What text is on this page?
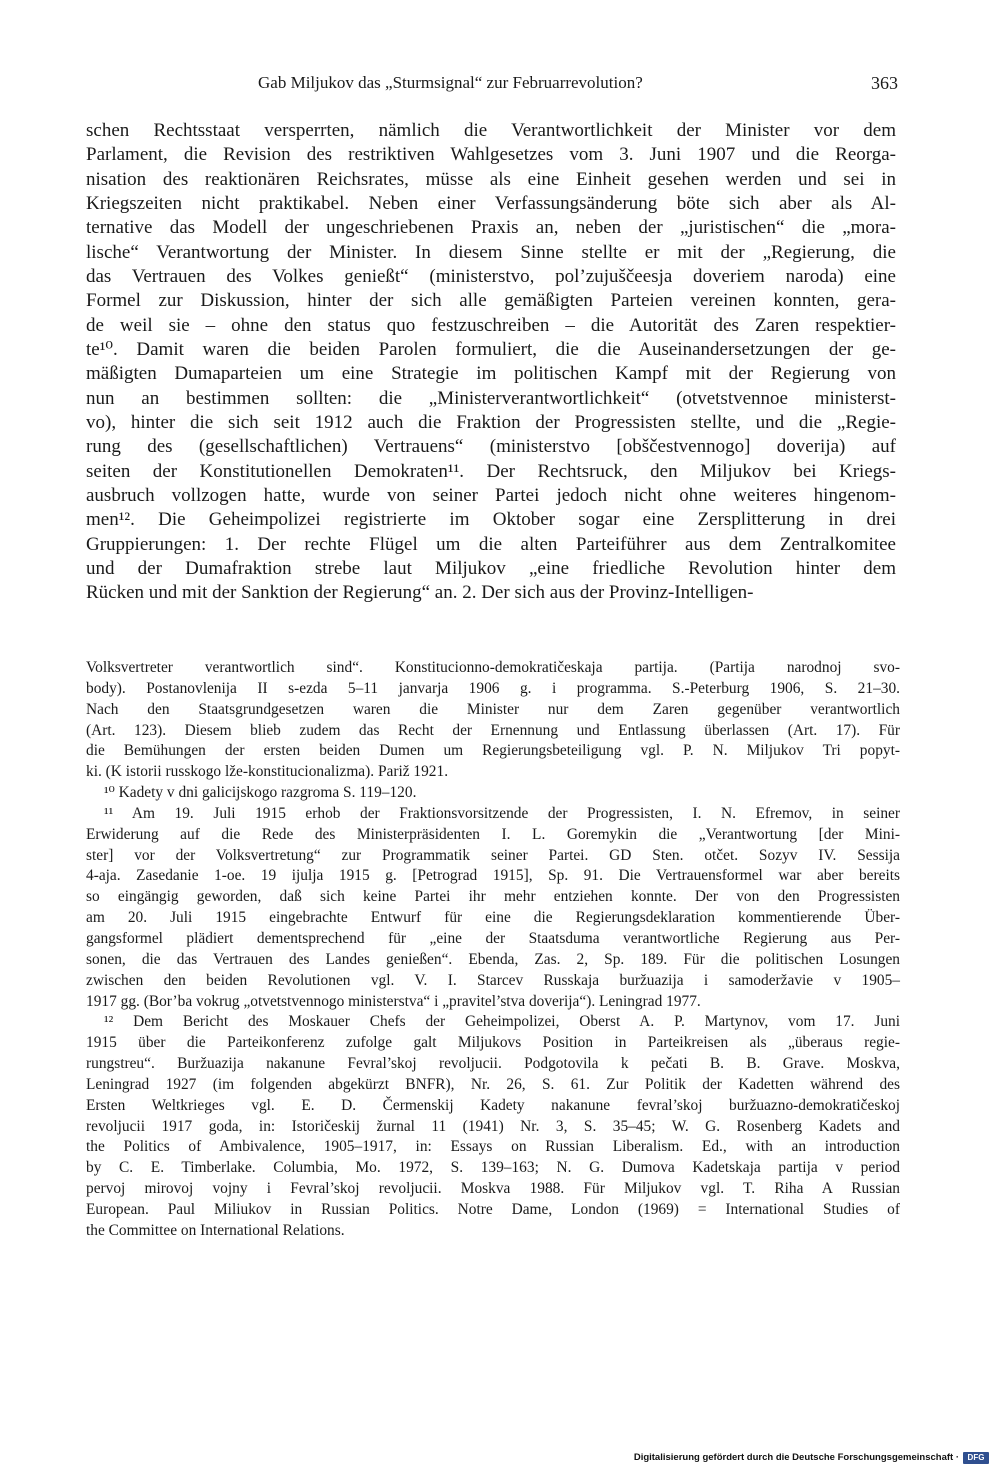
Gab Miljukov das „Sturmsignal“ zur Februarrevolution?	363
schen Rechtsstaat versperrten, nämlich die Verantwortlichkeit der Minister vor dem
Parlament, die Revision des restriktiven Wahlgesetzes vom 3. Juni 1907 und die Reorga-
nisation des reaktionären Reichsrates, müsse als eine Einheit gesehen werden und sei in
Kriegszeiten nicht praktikabel. Neben einer Verfassungsänderung böte sich aber als Al-
ternative das Modell der ungeschriebenen Praxis an, neben der „juristischen“ die „mora-
lische“ Verantwortung der Minister. In diesem Sinne stellte er mit der „Regierung, die
das Vertrauen des Volkes genießt“ (ministerstvo, pol’zujuščeesja doveriem naroda) eine
Formel zur Diskussion, hinter der sich alle gemäßigten Parteien vereinen konnten, gera-
de weil sie – ohne den status quo festzuschreiben – die Autorität des Zaren respektier-
te¹⁰. Damit waren die beiden Parolen formuliert, die die Auseinandersetzungen der ge-
mäßigten Dumaparteien um eine Strategie im politischen Kampf mit der Regierung von
nun an bestimmen sollten: die „Ministerverantwortlichkeit“ (otvetstvennoe ministerst-
vo), hinter die sich seit 1912 auch die Fraktion der Progressisten stellte, und die „Regie-
rung des (gesellschaftlichen) Vertrauens“ (ministerstvo [obščestvennogo] doverija) auf
seiten der Konstitutionellen Demokraten¹¹. Der Rechtsruck, den Miljukov bei Kriegs-
ausbruch vollzogen hatte, wurde von seiner Partei jedoch nicht ohne weiteres hingenom-
men¹². Die Geheimpolizei registrierte im Oktober sogar eine Zersplitterung in drei
Gruppierungen: 1. Der rechte Flügel um die alten Parteiführer aus dem Zentralkomitee
und der Dumafraktion strebe laut Miljukov „eine friedliche Revolution hinter dem
Rücken und mit der Sanktion der Regierung“ an. 2. Der sich aus der Provinz-Intelligen-
Volksvertreter verantwortlich sind“. Konstitucionno-demokratičeskaja partija. (Partija narodnoj svo-
body). Postanovlenija II s-ezda 5–11 janvarja 1906 g. i programma. S.-Peterburg 1906, S. 21–30.
Nach den Staatsgrundgesetzen waren die Minister nur dem Zaren gegenüber verantwortlich
(Art. 123). Diesem blieb zudem das Recht der Ernennung und Entlassung überlassen (Art. 17). Für
die Bemühungen der ersten beiden Dumen um Regierungsbeteiligung vgl. P. N. Miljukov Tri popyt-
ki. (K istorii russkogo lže-konstitucionalizma). Pariž 1921.
¹⁰ Kadety v dni galicijskogo razgroma S. 119–120.
¹¹ Am 19. Juli 1915 erhob der Fraktionsvorsitzende der Progressisten, I. N. Efremov, in seiner
Erwiderung auf die Rede des Ministerpräsidenten I. L. Goremykin die „Verantwortung [der Mini-
ster] vor der Volksvertretung“ zur Programmatik seiner Partei. GD Sten. otčet. Sozyv IV. Sessija
4-aja. Zasedanie 1-oe. 19 ijulja 1915 g. [Petrograd 1915], Sp. 91. Die Vertrauensformel war aber bereits
so eingängig geworden, daß sich keine Partei ihr mehr entziehen konnte. Der von den Progressisten
am 20. Juli 1915 eingebrachte Entwurf für eine die Regierungsdeklaration kommentierende Über-
gangsformel plädiert dementsprechend für „eine der Staatsduma verantwortliche Regierung aus Per-
sonen, die das Vertrauen des Landes genießen“. Ebenda, Zas. 2, Sp. 189. Für die politischen Losungen
zwischen den beiden Revolutionen vgl. V. I. Starcev Russkaja buržuazija i samoderžavie v 1905–
1917 gg. (Bor’ba vokrug „otvetstvennogo ministerstva“ i „pravitel’stva doverija“). Leningrad 1977.
¹² Dem Bericht des Moskauer Chefs der Geheimpolizei, Oberst A. P. Martynov, vom 17. Juni
1915 über die Parteikonferenz zufolge galt Miljukovs Position in Parteikreisen als „überaus regie-
rungstreu“. Buržuazija nakanune Fevral’skoj revoljucii. Podgotovila k pečati B. B. Grave. Moskva,
Leningrad 1927 (im folgenden abgekürzt BNFR), Nr. 26, S. 61. Zur Politik der Kadetten während des
Ersten Weltkrieges vgl. E. D. Čermenskij Kadety nakanune fevral’skoj buržuazno-demokratičeskoj
revoljucii 1917 goda, in: Istoričeskij žurnal 11 (1941) Nr. 3, S. 35–45; W. G. Rosenberg Kadets and
the Politics of Ambivalence, 1905–1917, in: Essays on Russian Liberalism. Ed., with an introduction
by C. E. Timberlake. Columbia, Mo. 1972, S. 139–163; N. G. Dumova Kadetskaja partija v period
pervoj mirovoj vojny i Fevral’skoj revoljucii. Moskva 1988. Für Miljukov vgl. T. Riha A Russian
European. Paul Miliukov in Russian Politics. Notre Dame, London (1969) = International Studies of
the Committee on International Relations.
Digitalisierung gefördert durch die Deutsche Forschungsgemeinschaft ·	DFG
